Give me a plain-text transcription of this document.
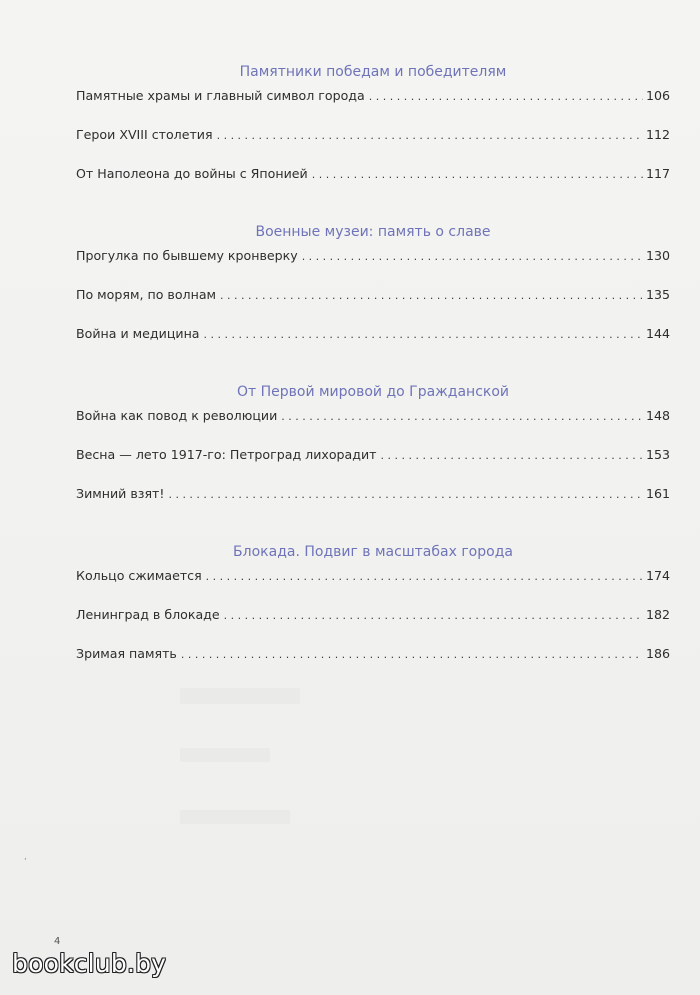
Памятники победам и победителям
Памятные храмы и главный символ города . . .	106
Герои XVIII столетия . . .	112
От Наполеона до войны с Японией . . .	117
Военные музеи: память о славе
Прогулка по бывшему кронверку . . .	130
По морям, по волнам . . .	135
Война и медицина . . .	144
От Первой мировой до Гражданской
Война как повод к революции . . .	148
Весна — лето 1917-го: Петроград лихорадит . . .	153
Зимний взят! . . .	161
Блокада. Подвиг в масштабах города
Кольцо сжимается . . .	174
Ленинград в блокаде . . .	182
Зримая память . . .	186
,
4
bookclub.by
